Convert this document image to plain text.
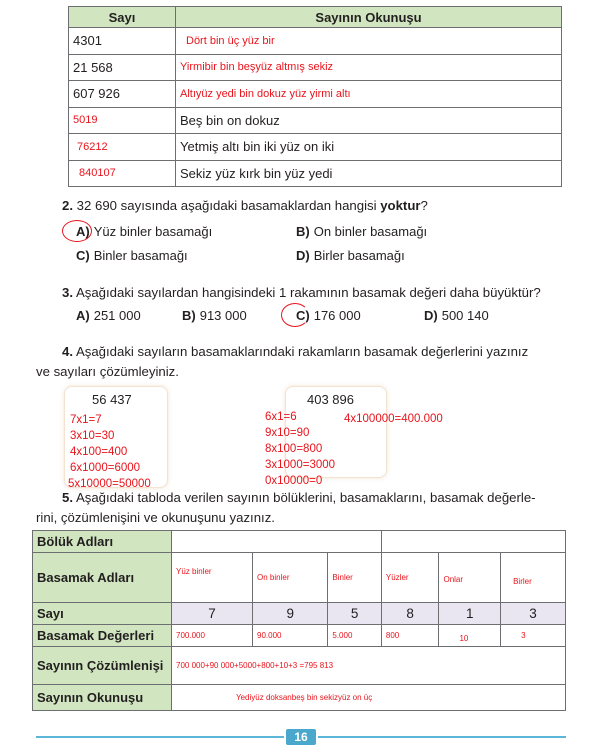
Sayı	Sayının Okunuşu
4301	Dört bin üç yüz bir
21 568	Yirmibir bin beşyüz altmış sekiz
607 926	Altıyüz yedi bin dokuz yüz yirmi altı
5019	Beş bin on dokuz
76212	Yetmiş altı bin iki yüz on iki
840107	Sekiz yüz kırk bin yüz yedi
2. 32 690 sayısında aşağıdaki basamaklardan hangisi yoktur?
A) Yüz binler basamağı	B) On binler basamağı
C) Binler basamağı	D) Birler basamağı
3. Aşağıdaki sayılardan hangisindeki 1 rakamının basamak değeri daha büyüktür?
A) 251 000	B) 913 000	C) 176 000	D) 500 140
4. Aşağıdaki sayıların basamaklarındaki rakamların basamak değerlerini yazınız
ve sayıları çözümleyiniz.
56 437
7x1=7
3x10=30
4x100=400
6x1000=6000
5x10000=50000
403 896
6x1=6
9x10=90
8x100=800
3x1000=3000
0x10000=0
4x100000=400.000
5. Aşağıdaki tabloda verilen sayının bölüklerini, basamaklarını, basamak değerle-
rini, çözümlenişini ve okunuşunu yazınız.
Bölük Adları						
Basamak Adları	Yüz binler	On binler	Binler	Yüzler	Onlar	Birler
Sayı	7	9	5	8	1	3
Basamak Değerleri	700.000	90.000	5.000	800	10	3
Sayının Çözümlenişi	700 000+90 000+5000+800+10+3 =795 813					
Sayının Okunuşu	Yediyüz doksanbeş bin sekizyüz on üç					
16
